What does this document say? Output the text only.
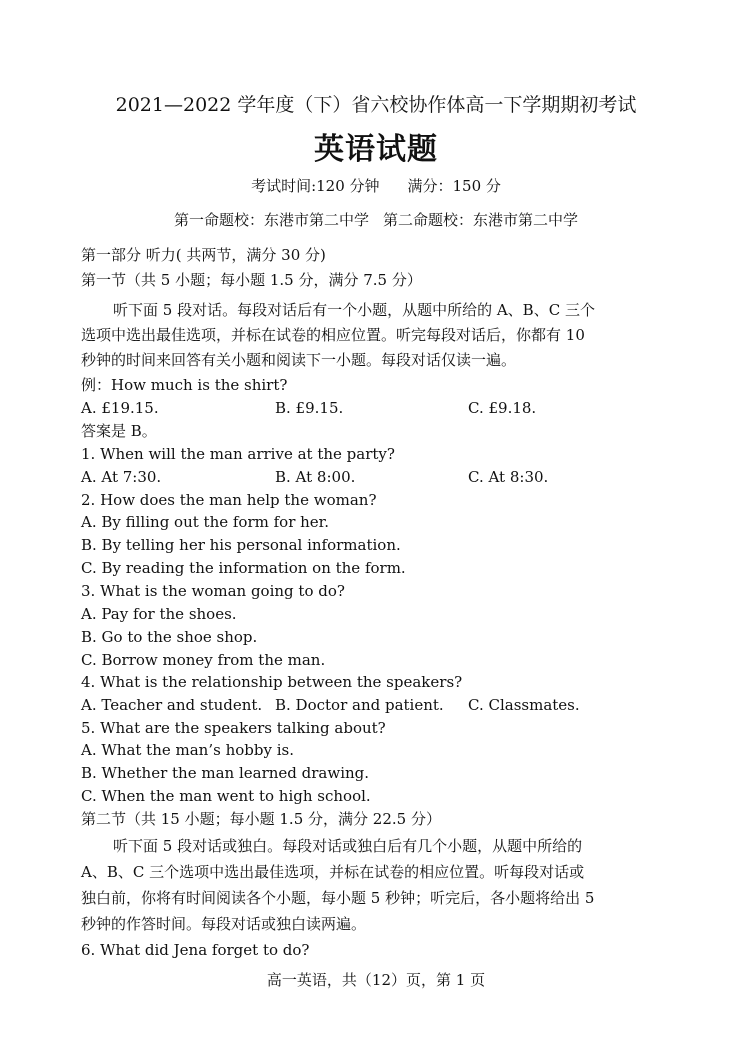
2021—2022 学年度（下）省六校协作体高一下学期期初考试
英语试题
考试时间:120 分钟 满分：150 分
第一命题校：东港市第二中学 第二命题校：东港市第二中学
第一部分 听力( 共两节，满分 30 分)
第一节（共 5 小题；每小题 1.5 分，满分 7.5 分）
听下面 5 段对话。每段对话后有一个小题，从题中所给的 A、B、C 三个
选项中选出最佳选项，并标在试卷的相应位置。听完每段对话后，你都有 10
秒钟的时间来回答有关小题和阅读下一小题。每段对话仅读一遍。
例：How much is the shirt?
A. £19.15.	B. £9.15.	C. £9.18.
答案是 B。
1. When will the man arrive at the party?
A. At 7:30.	B. At 8:00.	C. At 8:30.
2. How does the man help the woman?
A. By filling out the form for her.
B. By telling her his personal information.
C. By reading the information on the form.
3. What is the woman going to do?
A. Pay for the shoes.
B. Go to the shoe shop.
C. Borrow money from the man.
4. What is the relationship between the speakers?
A. Teacher and student. B. Doctor and patient. C. Classmates.
5. What are the speakers talking about?
A. What the man’s hobby is.
B. Whether the man learned drawing.
C. When the man went to high school.
第二节（共 15 小题；每小题 1.5 分，满分 22.5 分）
听下面 5 段对话或独白。每段对话或独白后有几个小题，从题中所给的
A、B、C 三个选项中选出最佳选项，并标在试卷的相应位置。听每段对话或
独白前，你将有时间阅读各个小题，每小题 5 秒钟；听完后，各小题将给出 5
秒钟的作答时间。每段对话或独白读两遍。
6. What did Jena forget to do?
高一英语，共（12）页，第 1 页
